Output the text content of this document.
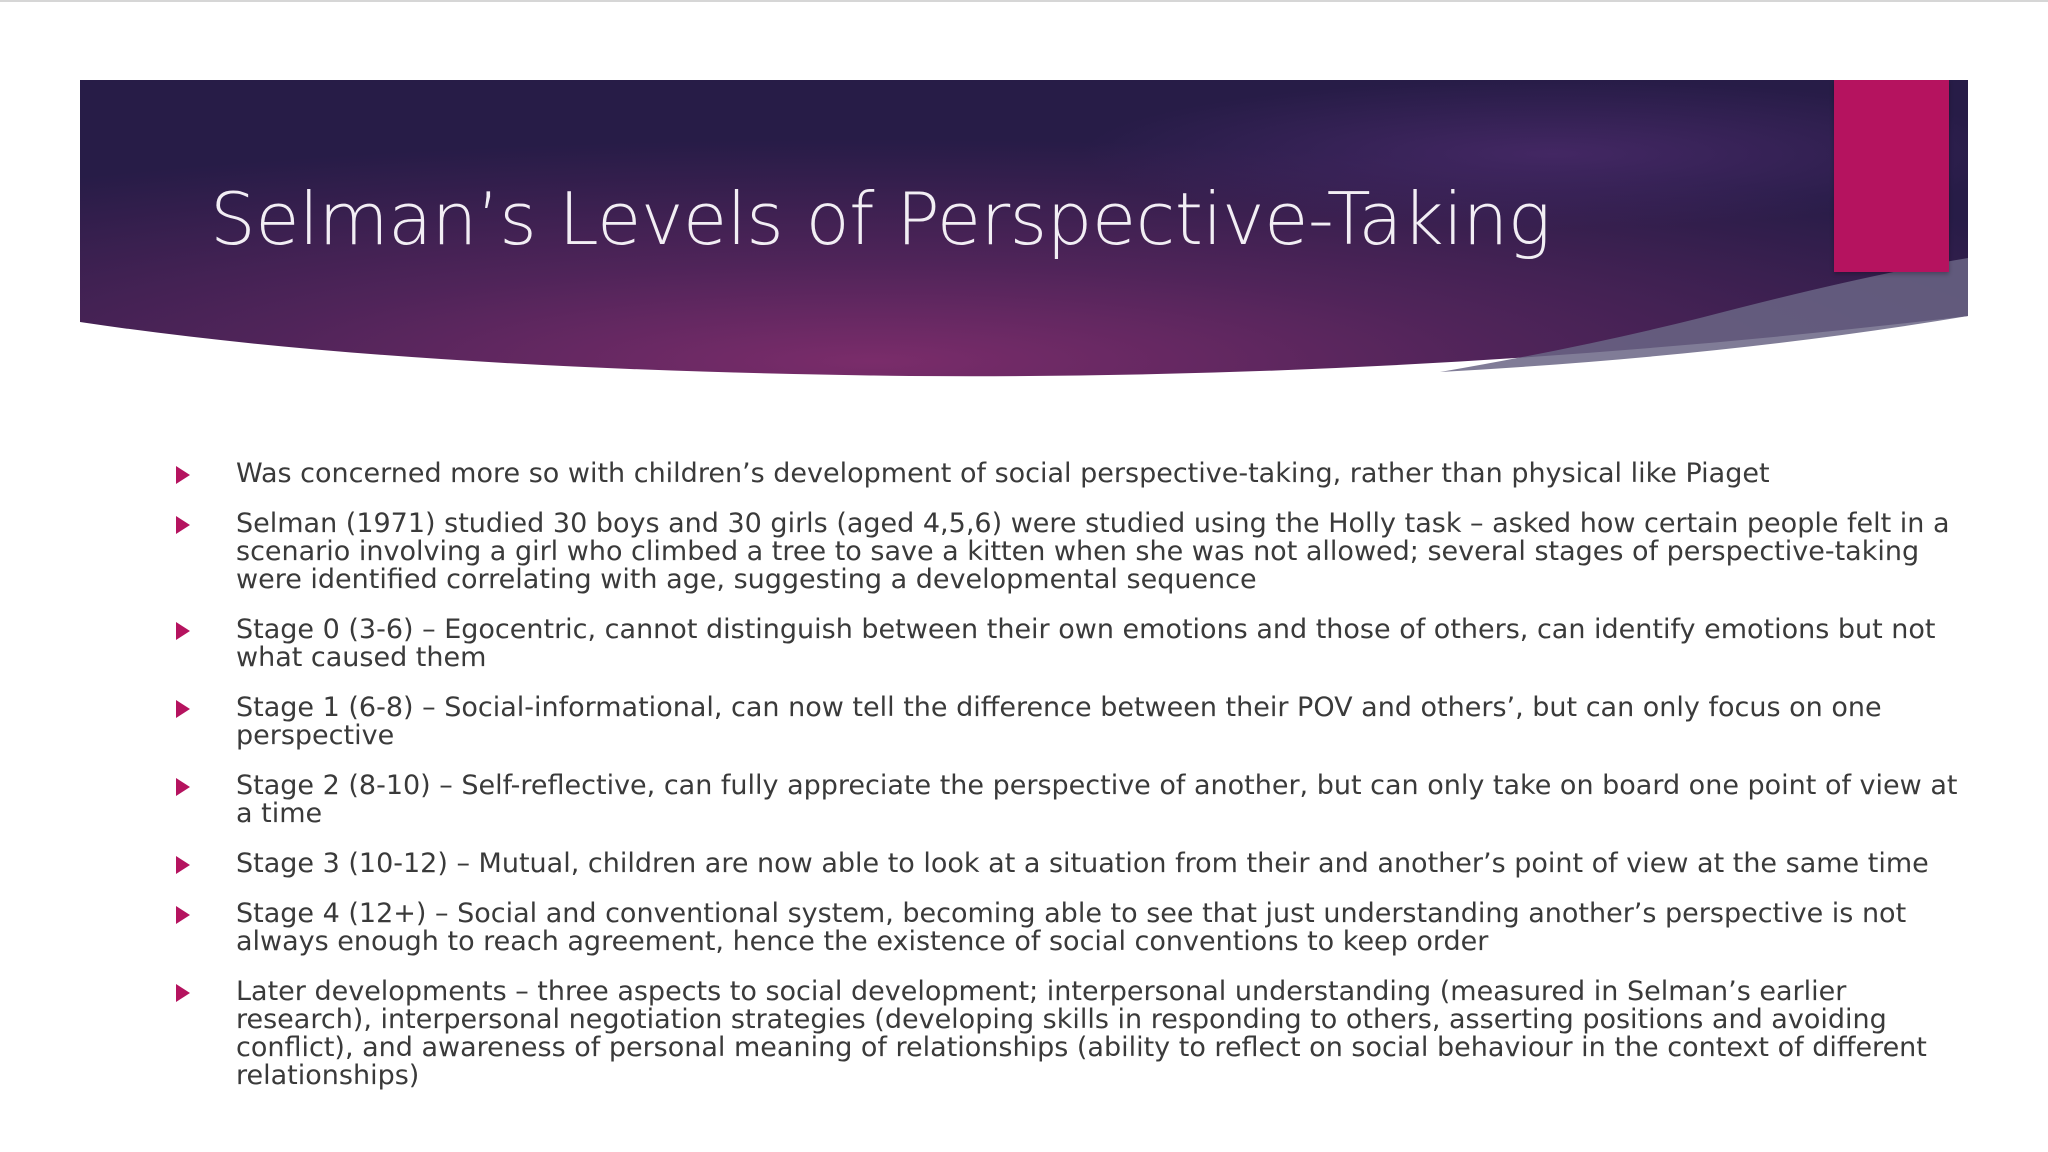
Selman’s Levels of Perspective-Taking
Was concerned more so with children’s development of social perspective-taking, rather than physical like Piaget
Selman (1971) studied 30 boys and 30 girls (aged 4,5,6) were studied using the Holly task – asked how certain people felt in a scenario involving a girl who climbed a tree to save a kitten when she was not allowed; several stages of perspective-taking were identified correlating with age, suggesting a developmental sequence
Stage 0 (3-6) – Egocentric, cannot distinguish between their own emotions and those of others, can identify emotions but not what caused them
Stage 1 (6-8) – Social-informational, can now tell the difference between their POV and others’, but can only focus on one perspective
Stage 2 (8-10) – Self-reflective, can fully appreciate the perspective of another, but can only take on board one point of view at a time
Stage 3 (10-12) – Mutual, children are now able to look at a situation from their and another’s point of view at the same time
Stage 4 (12+) – Social and conventional system, becoming able to see that just understanding another’s perspective is not always enough to reach agreement, hence the existence of social conventions to keep order
Later developments – three aspects to social development; interpersonal understanding (measured in Selman’s earlier research), interpersonal negotiation strategies (developing skills in responding to others, asserting positions and avoiding conflict), and awareness of personal meaning of relationships (ability to reflect on social behaviour in the context of different relationships)
